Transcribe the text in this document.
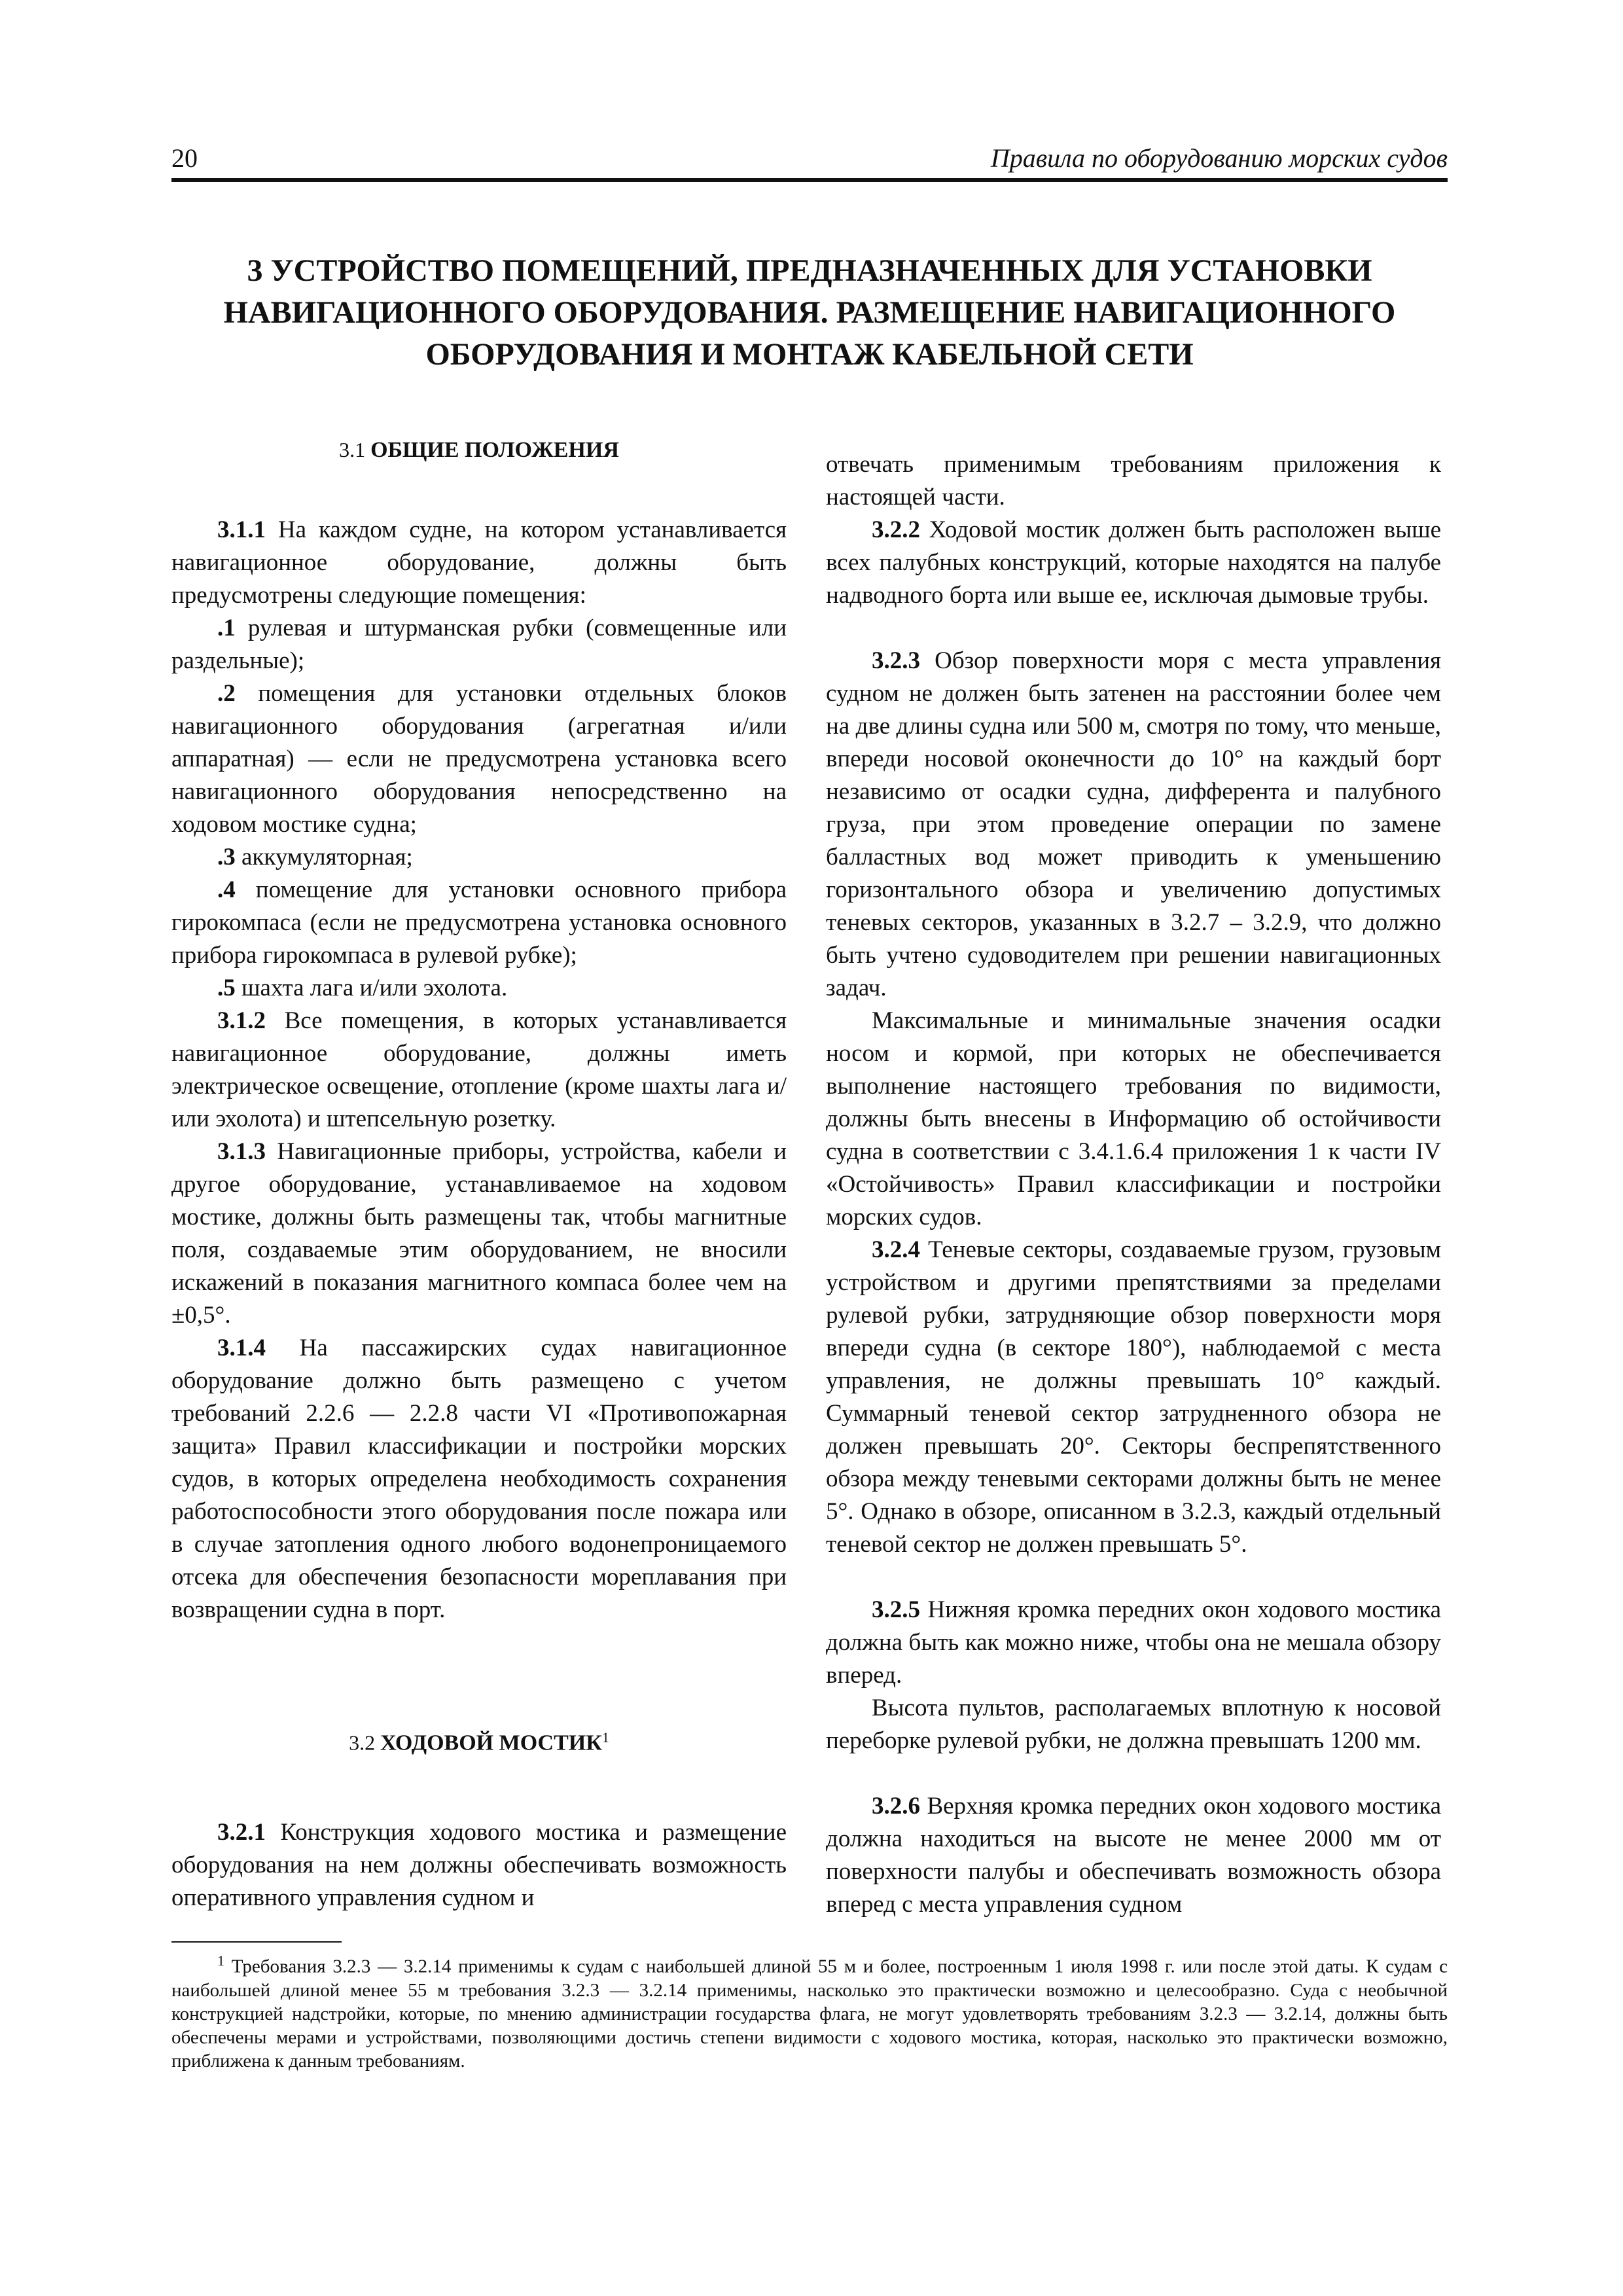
20	Правила по оборудованию морских судов
3 УСТРОЙСТВО ПОМЕЩЕНИЙ, ПРЕДНАЗНАЧЕННЫХ ДЛЯ УСТАНОВКИ НАВИГАЦИОННОГО ОБОРУДОВАНИЯ. РАЗМЕЩЕНИЕ НАВИГАЦИОННОГО ОБОРУДОВАНИЯ И МОНТАЖ КАБЕЛЬНОЙ СЕТИ
3.1 ОБЩИЕ ПОЛОЖЕНИЯ

3.1.1 На каждом судне, на котором устанавливается навигационное оборудование, должны быть предусмотрены следующие помещения:

.1 рулевая и штурманская рубки (совмещенные или раздельные);

.2 помещения для установки отдельных блоков навигационного оборудования (агрегатная и/или аппаратная) — если не предусмотрена установка всего навигационного оборудования непосредственно на ходовом мостике судна;

.3 аккумуляторная;

.4 помещение для установки основного прибора гирокомпаса (если не предусмотрена установка основного прибора гирокомпаса в рулевой рубке);

.5 шахта лага и/или эхолота.

3.1.2 Все помещения, в которых устанавливается навигационное оборудование, должны иметь электрическое освещение, отопление (кроме шахты лага и/или эхолота) и штепсельную розетку.

3.1.3 Навигационные приборы, устройства, кабели и другое оборудование, устанавливаемое на ходовом мостике, должны быть размещены так, чтобы магнитные поля, создаваемые этим оборудованием, не вносили искажений в показания магнитного компаса более чем на ±0,5°.

3.1.4 На пассажирских судах навигационное оборудование должно быть размещено с учетом требований 2.2.6 — 2.2.8 части VI «Противопожарная защита» Правил классификации и постройки морских судов, в которых определена необходимость сохранения работоспособности этого оборудования после пожара или в случае затопления одного любого водонепроницаемого отсека для обеспечения безопасности мореплавания при возвращении судна в порт.

3.2 ХОДОВОЙ МОСТИК$^1$

3.2.1 Конструкция ходового мостика и размещение оборудования на нем должны обеспечивать возможность оперативного управления судном и

отвечать применимым требованиям приложения к настоящей части.

3.2.2 Ходовой мостик должен быть расположен выше всех палубных конструкций, которые находятся на палубе надводного борта или выше ее, исключая дымовые трубы.

3.2.3 Обзор поверхности моря с места управления судном не должен быть затенен на расстоянии более чем на две длины судна или 500 м, смотря по тому, что меньше, впереди носовой оконечности до 10° на каждый борт независимо от осадки судна, дифферента и палубного груза, при этом проведение операции по замене балластных вод может приводить к уменьшению горизонтального обзора и увеличению допустимых теневых секторов, указанных в 3.2.7 – 3.2.9, что должно быть учтено судоводителем при решении навигационных задач.

Максимальные и минимальные значения осадки носом и кормой, при которых не обеспечивается выполнение настоящего требования по видимости, должны быть внесены в Информацию об остойчивости судна в соответствии с 3.4.1.6.4 приложения 1 к части IV «Остойчивость» Правил классификации и постройки морских судов.

3.2.4 Теневые секторы, создаваемые грузом, грузовым устройством и другими препятствиями за пределами рулевой рубки, затрудняющие обзор поверхности моря впереди судна (в секторе 180°), наблюдаемой с места управления, не должны превышать 10° каждый. Суммарный теневой сектор затрудненного обзора не должен превышать 20°. Секторы беспрепятственного обзора между теневыми секторами должны быть не менее 5°. Однако в обзоре, описанном в 3.2.3, каждый отдельный теневой сектор не должен превышать 5°.

3.2.5 Нижняя кромка передних окон ходового мостика должна быть как можно ниже, чтобы она не мешала обзору вперед.

Высота пультов, располагаемых вплотную к носовой переборке рулевой рубки, не должна превышать 1200 мм.

3.2.6 Верхняя кромка передних окон ходового мостика должна находиться на высоте не менее 2000 мм от поверхности палубы и обеспечивать возможность обзора вперед с места управления судном

$^1$ Требования 3.2.3 — 3.2.14 применимы к судам с наибольшей длиной 55 м и более, построенным 1 июля 1998 г. или после этой даты. К судам с наибольшей длиной менее 55 м требования 3.2.3 — 3.2.14 применимы, насколько это практически возможно и целесообразно. Суда с необычной конструкцией надстройки, которые, по мнению администрации государства флага, не могут удовлетворять требованиям 3.2.3 — 3.2.14, должны быть обеспечены мерами и устройствами, позволяющими достичь степени видимости с ходового мостика, которая, насколько это практически возможно, приближена к данным требованиям.
